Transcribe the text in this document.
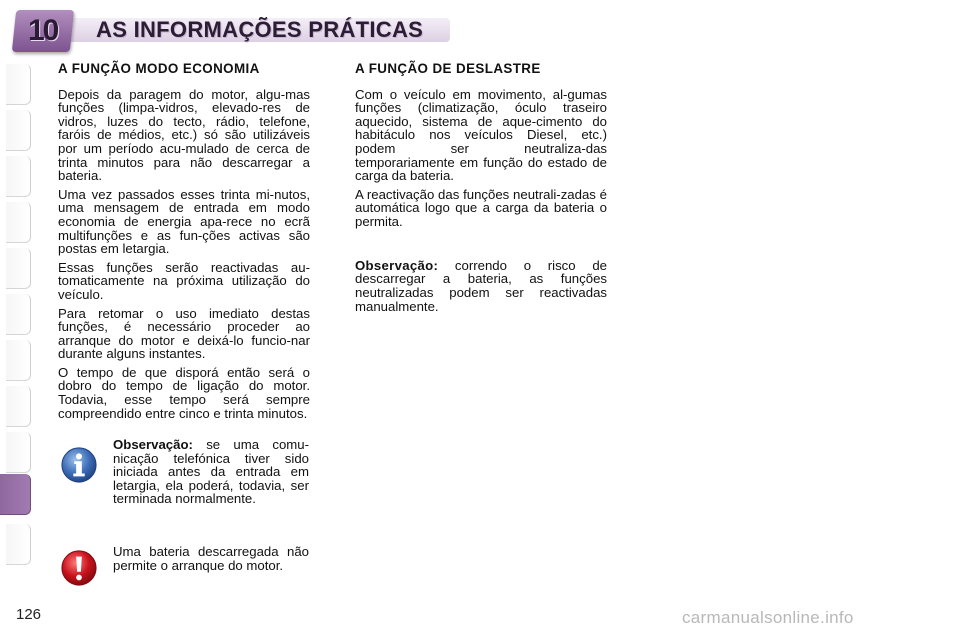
10 AS INFORMAÇÕES PRÁTICAS
A FUNÇÃO MODO ECONOMIA

Depois da paragem do motor, algu-mas funções (limpa-vidros, elevado-res de vidros, luzes do tecto, rádio, telefone, faróis de médios, etc.) só são utilizáveis por um período acu-mulado de cerca de trinta minutos para não descarregar a bateria.

Uma vez passados esses trinta mi-nutos, uma mensagem de entrada em modo economia de energia apa-rece no ecrã multifunções e as fun-ções activas são postas em letargia.

Essas funções serão reactivadas au-tomaticamente na próxima utilização do veículo.

Para retomar o uso imediato destas funções, é necessário proceder ao arranque do motor e deixá-lo funcio-nar durante alguns instantes.

O tempo de que disporá então será o dobro do tempo de ligação do motor. Todavia, esse tempo será sempre compreendido entre cinco e trinta minutos.

Observação: se uma comu-nicação telefónica tiver sido iniciada antes da entrada em letargia, ela poderá, todavia, ser terminada normalmente.
Uma bateria descarregada não permite o arranque do motor.
A FUNÇÃO DE DESLASTRE

Com o veículo em movimento, al-gumas funções (climatização, óculo traseiro aquecido, sistema de aque-cimento do habitáculo nos veículos Diesel, etc.) podem ser neutraliza-das temporariamente em função do estado de carga da bateria.

A reactivação das funções neutrali-zadas é automática logo que a carga da bateria o permita.

Observação: correndo o risco de descarregar a bateria, as funções neutralizadas podem ser reactivadas manualmente.

126	carmanualsonline.info
